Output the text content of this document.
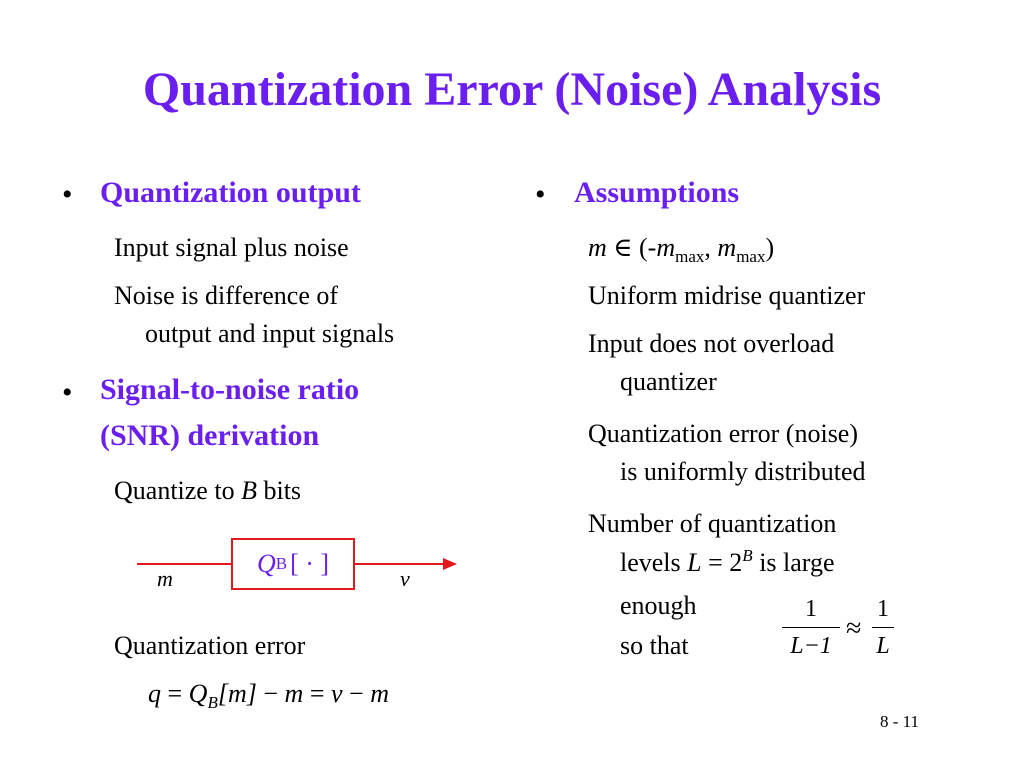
Quantization Error (Noise) Analysis
• Quantization output
Input signal plus noise
Noise is difference of
output and input signals
• Signal-to-noise ratio
(SNR) derivation
Quantize to B bits
Q B [ · ]
m	v
Quantization error
$q = Q_B[m] - m = v - m$
• Assumptions
m ∈ ($-m_{max}$, $m_{max}$)
Uniform midrise quantizer
Input does not overload
quantizer
Quantization error (noise)
is uniformly distributed
Number of quantization
levels $L = 2^B$ is large
enough
so that
1
L−1
≈
1
L
8 - 11
